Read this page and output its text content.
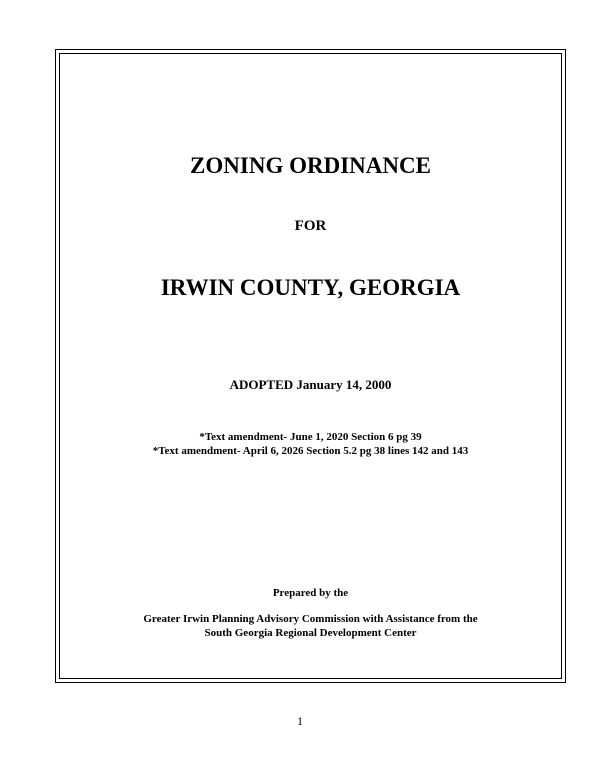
ZONING ORDINANCE
FOR
IRWIN COUNTY, GEORGIA
ADOPTED January 14, 2000
*Text amendment- June 1, 2020 Section 6 pg 39
*Text amendment- April 6, 2026 Section 5.2 pg 38 lines 142 and 143
Prepared by the
Greater Irwin Planning Advisory Commission with Assistance from the
South Georgia Regional Development Center
1
